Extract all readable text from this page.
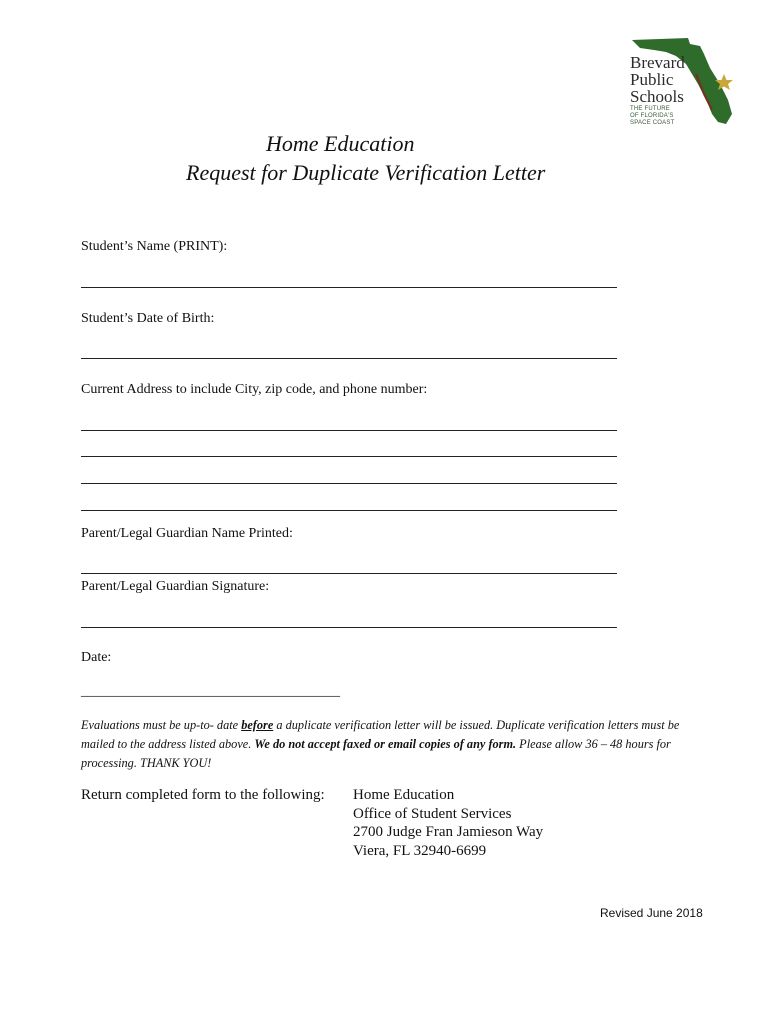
Brevard
Public
Schools
THE FUTURE
OF FLORIDA'S
SPACE COAST
Home Education
Request for Duplicate Verification Letter
Student’s Name (PRINT):
Student’s Date of Birth:
Current Address to include City, zip code, and phone number:
Parent/Legal Guardian Name Printed:
Parent/Legal Guardian Signature:
Date:
_____________________________________
Evaluations must be up-to- date before a duplicate verification letter will be issued. Duplicate verification letters must be mailed to the address listed above. We do not accept faxed or email copies of any form. Please allow 36 – 48 hours for processing. THANK YOU!
Return completed form to the following: Home Education
Office of Student Services
2700 Judge Fran Jamieson Way
Viera, FL 32940-6699
Revised June 2018
